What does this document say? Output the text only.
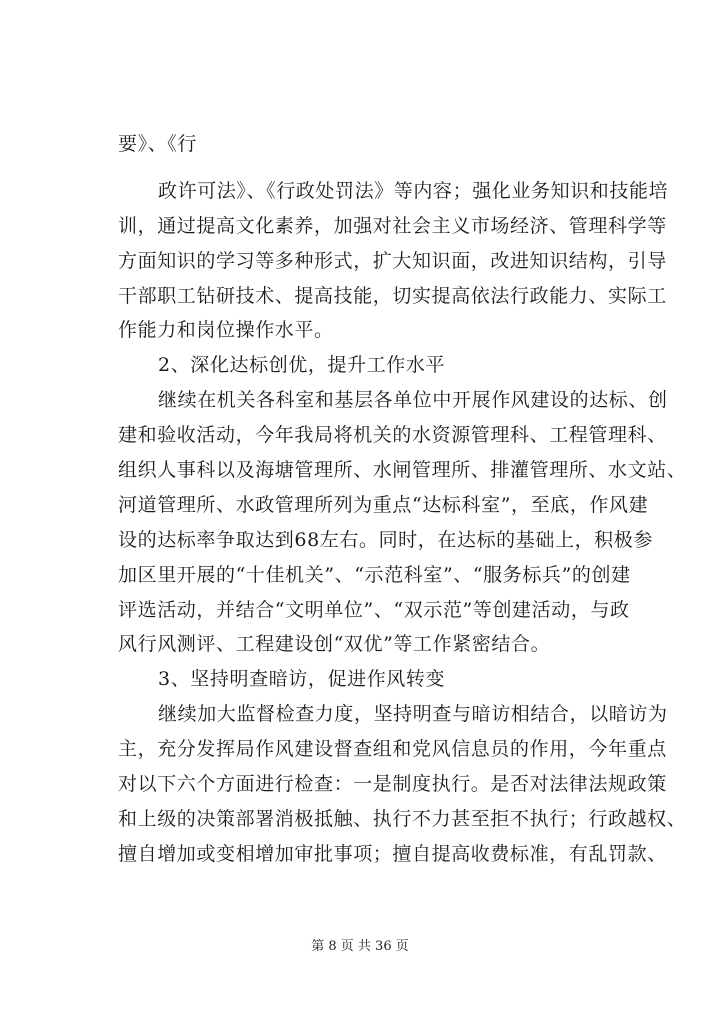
要》、《行
政许可法》、《行政处罚法》等内容；强化业务知识和技能培
训，通过提高文化素养，加强对社会主义市场经济、管理科学等
方面知识的学习等多种形式，扩大知识面，改进知识结构，引导
干部职工钻研技术、提高技能，切实提高依法行政能力、实际工
作能力和岗位操作水平。
2、深化达标创优，提升工作水平
继续在机关各科室和基层各单位中开展作风建设的达标、创
建和验收活动，今年我局将机关的水资源管理科、工程管理科、
组织人事科以及海塘管理所、水闸管理所、排灌管理所、水文站、
河道管理所、水政管理所列为重点“达标科室”，至底，作风建
设的达标率争取达到68左右。同时，在达标的基础上，积极参
加区里开展的“十佳机关”、“示范科室”、“服务标兵”的创建
评选活动，并结合“文明单位”、“双示范”等创建活动，与政
风行风测评、工程建设创“双优”等工作紧密结合。
3、坚持明查暗访，促进作风转变
继续加大监督检查力度，坚持明查与暗访相结合，以暗访为
主，充分发挥局作风建设督查组和党风信息员的作用，今年重点
对以下六个方面进行检查：一是制度执行。是否对法律法规政策
和上级的决策部署消极抵触、执行不力甚至拒不执行；行政越权、
擅自增加或变相增加审批事项；擅自提高收费标准，有乱罚款、
第 8 页 共 36 页
